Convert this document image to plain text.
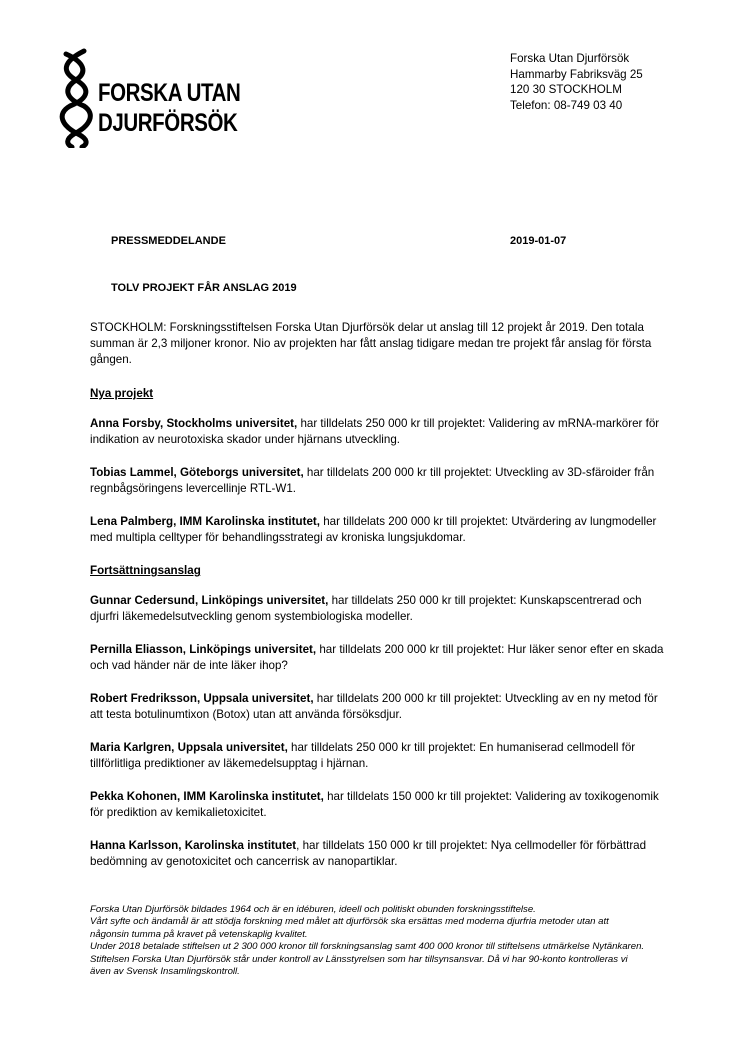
FORSKA UTAN
DJURFÖRSÖK
Forska Utan Djurförsök
Hammarby Fabriksväg 25
120 30 STOCKHOLM
Telefon: 08-749 03 40
PRESSMEDDELANDE	2019-01-07
TOLV PROJEKT FÅR ANSLAG 2019

STOCKHOLM: Forskningsstiftelsen Forska Utan Djurförsök delar ut anslag till 12 projekt år 2019. Den totala summan är 2,3 miljoner kronor. Nio av projekten har fått anslag tidigare medan tre projekt får anslag för första gången.

Nya projekt

Anna Forsby, Stockholms universitet, har tilldelats 250 000 kr till projektet: Validering av mRNA-markörer för indikation av neurotoxiska skador under hjärnans utveckling.

Tobias Lammel, Göteborgs universitet, har tilldelats 200 000 kr till projektet: Utveckling av 3D-sfäroider från regnbågsöringens levercellinje RTL-W1.

Lena Palmberg, IMM Karolinska institutet, har tilldelats 200 000 kr till projektet: Utvärdering av lungmodeller med multipla celltyper för behandlingsstrategi av kroniska lungsjukdomar.

Fortsättningsanslag

Gunnar Cedersund, Linköpings universitet, har tilldelats 250 000 kr till projektet: Kunskapscentrerad och djurfri läkemedelsutveckling genom systembiologiska modeller.

Pernilla Eliasson, Linköpings universitet, har tilldelats 200 000 kr till projektet: Hur läker senor efter en skada och vad händer när de inte läker ihop?

Robert Fredriksson, Uppsala universitet, har tilldelats 200 000 kr till projektet: Utveckling av en ny metod för att testa botulinumtixon (Botox) utan att använda försöksdjur.

Maria Karlgren, Uppsala universitet, har tilldelats 250 000 kr till projektet: En humaniserad cellmodell för tillförlitliga prediktioner av läkemedelsupptag i hjärnan.

Pekka Kohonen, IMM Karolinska institutet, har tilldelats 150 000 kr till projektet: Validering av toxikogenomik för prediktion av kemikalietoxicitet.

Hanna Karlsson, Karolinska institutet, har tilldelats 150 000 kr till projektet: Nya cellmodeller för förbättrad bedömning av genotoxicitet och cancerrisk av nanopartiklar.

Forska Utan Djurförsök bildades 1964 och är en idéburen, ideell och politiskt obunden forskningsstiftelse.

Vårt syfte och ändamål är att stödja forskning med målet att djurförsök ska ersättas med moderna djurfria metoder utan att någonsin tumma på kravet på vetenskaplig kvalitet.

Under 2018 betalade stiftelsen ut 2 300 000 kronor till forskningsanslag samt 400 000 kronor till stiftelsens utmärkelse Nytänkaren. Stiftelsen Forska Utan Djurförsök står under kontroll av Länsstyrelsen som har tillsynsansvar. Då vi har 90-konto kontrolleras vi även av Svensk Insamlingskontroll.
